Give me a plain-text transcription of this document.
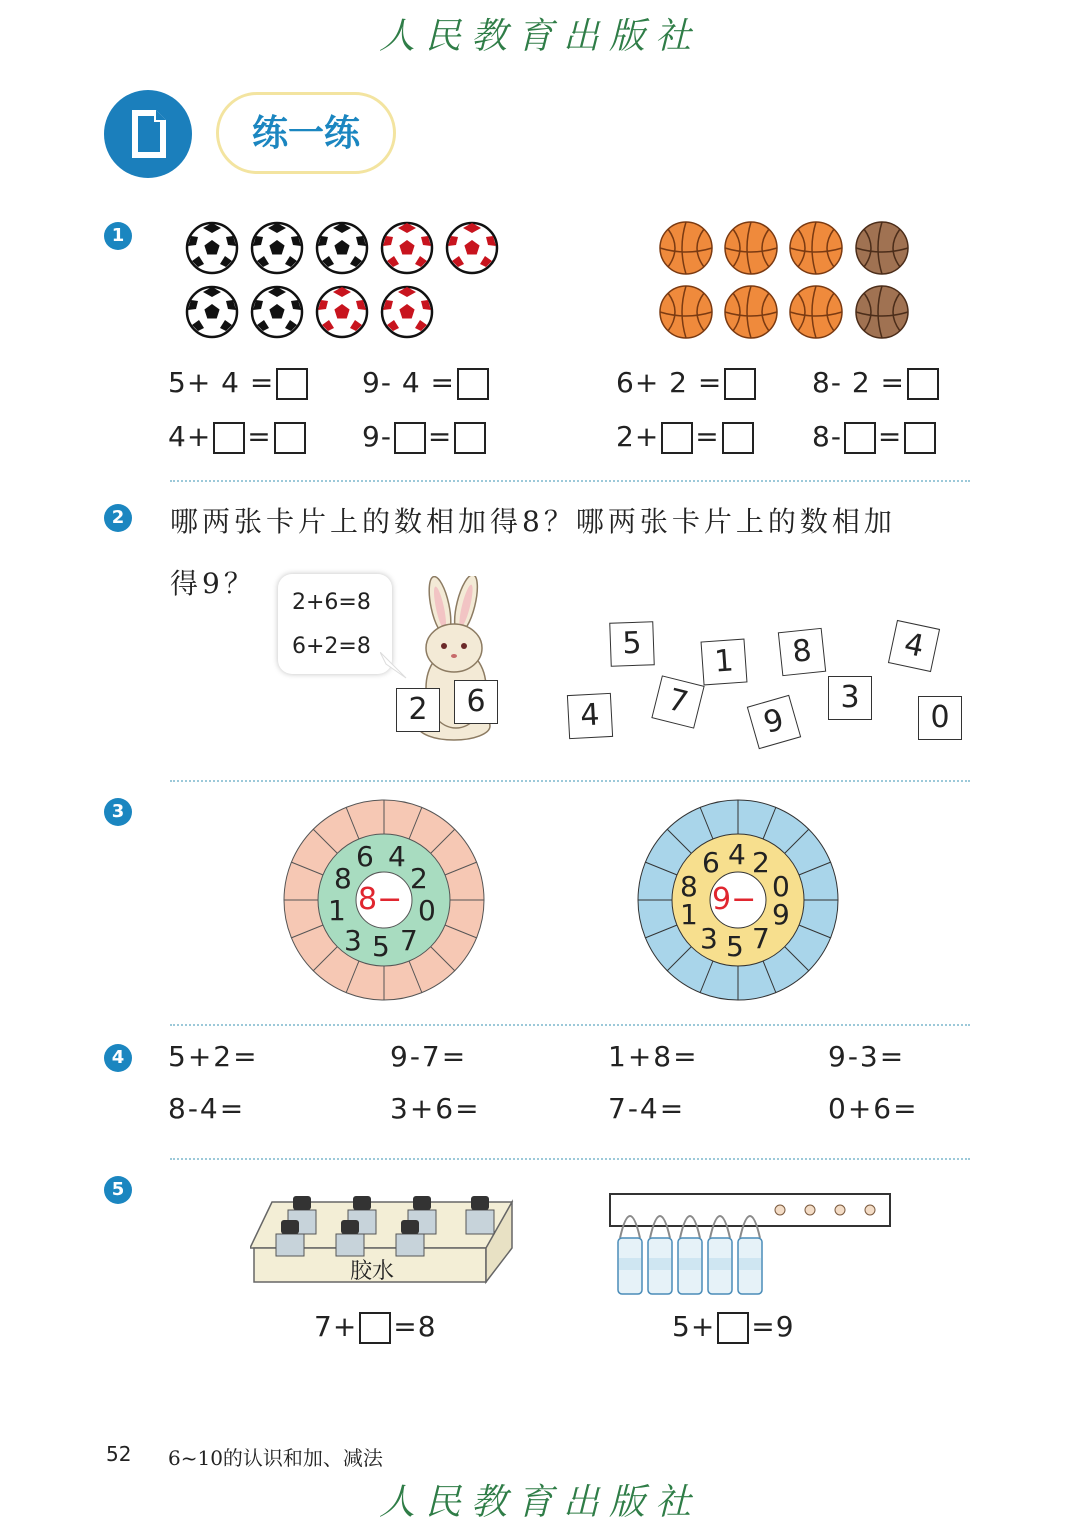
人民教育出版社
练一练
1
5+ 4 =	9- 4 =
4+ =	9- =
6+ 2 =	8- 2 =
2+ =	8- =
2 哪两张卡片上的数相加得8？哪两张卡片上的数相加
得9？
2+6=8
6+2=8
2	6
5	1	8	4
4	7
9
3
0
3
8−
6 4
2
0
7
5
3
1
8
9−
6 4 2
0
9
7
5
3
1
8
4 5+2=	9-7=	1+8=	9-3=
8-4=	3+6=	7-4=	0+6=
5
胶水
7+ =8	5+ =9
52 6~10的认识和加、减法
人民教育出版社
